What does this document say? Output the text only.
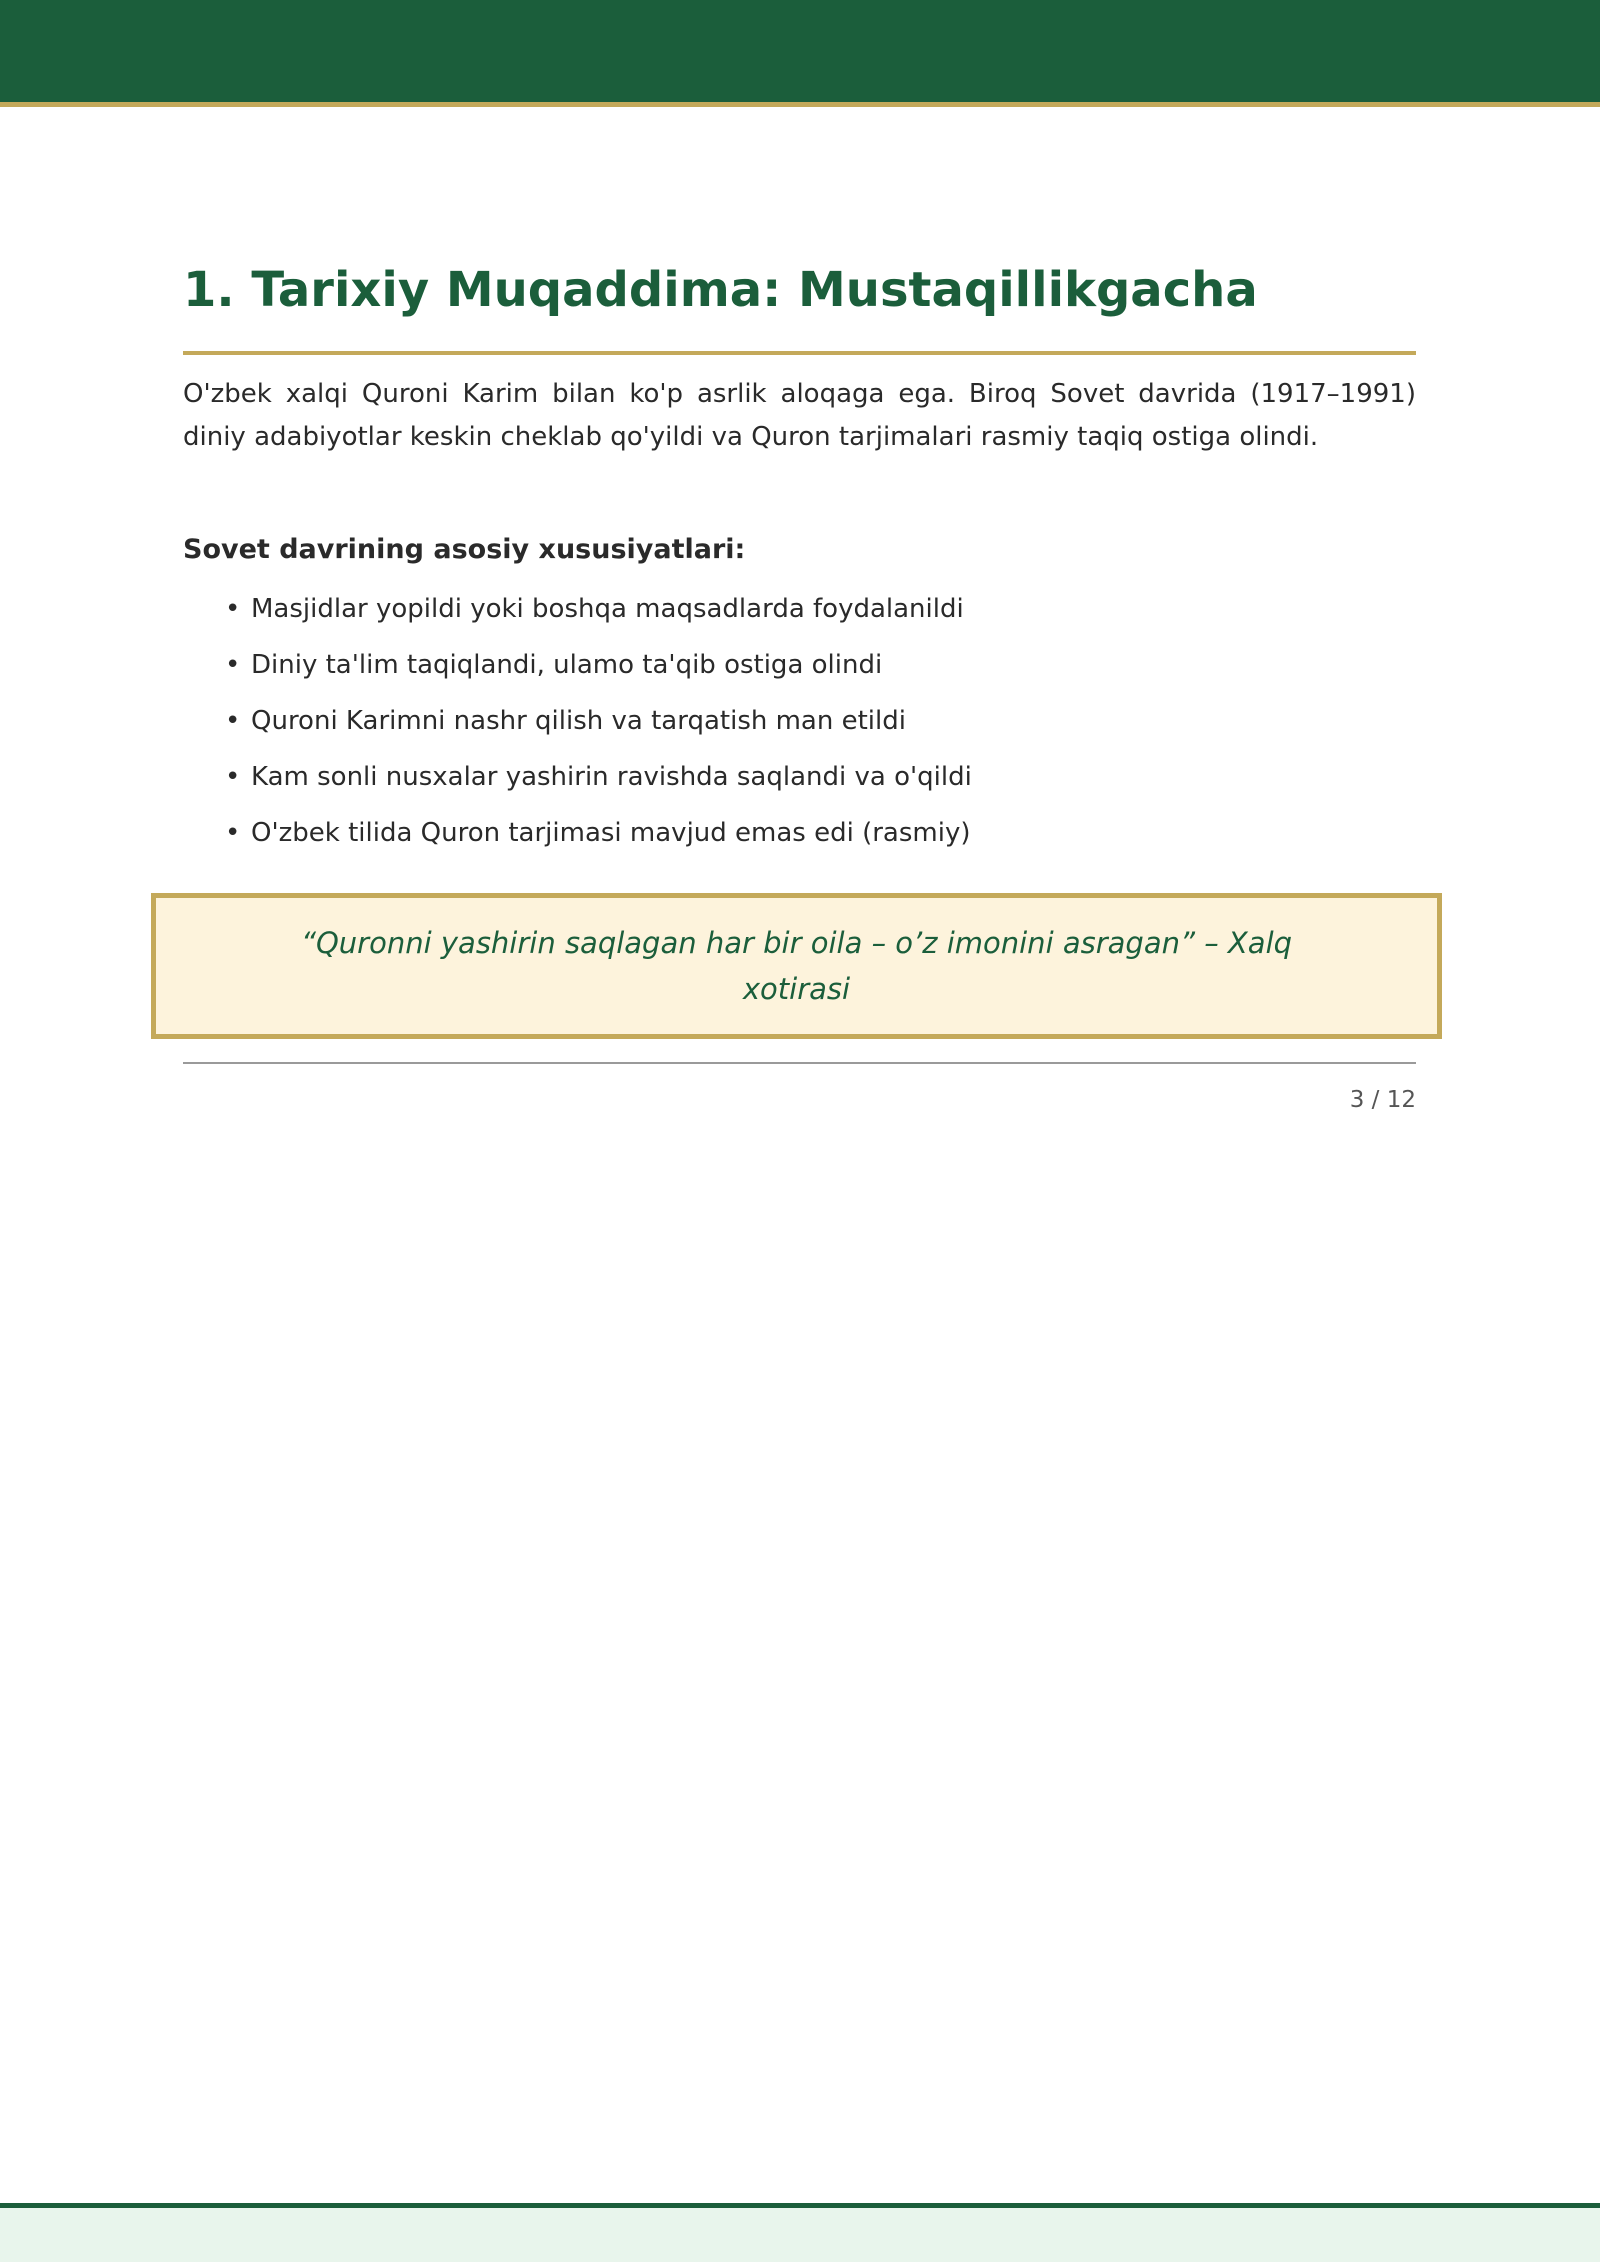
1. Tarixiy Muqaddima: Mustaqillikgacha

O'zbek xalqi Quroni Karim bilan ko'p asrlik aloqaga ega. Biroq Sovet davrida (1917–1991) diniy adabiyotlar keskin cheklab qo'yildi va Quron tarjimalari rasmiy taqiq ostiga olindi.

Sovet davrining asosiy xususiyatlari:

• Masjidlar yopildi yoki boshqa maqsadlarda foydalanildi
• Diniy ta'lim taqiqlandi, ulamo ta'qib ostiga olindi
• Quroni Karimni nashr qilish va tarqatish man etildi
• Kam sonli nusxalar yashirin ravishda saqlandi va o'qildi
• O'zbek tilida Quron tarjimasi mavjud emas edi (rasmiy)
“Quronni yashirin saqlagan har bir oila – o’z imonini asragan” – Xalq xotirasi
3 / 12
